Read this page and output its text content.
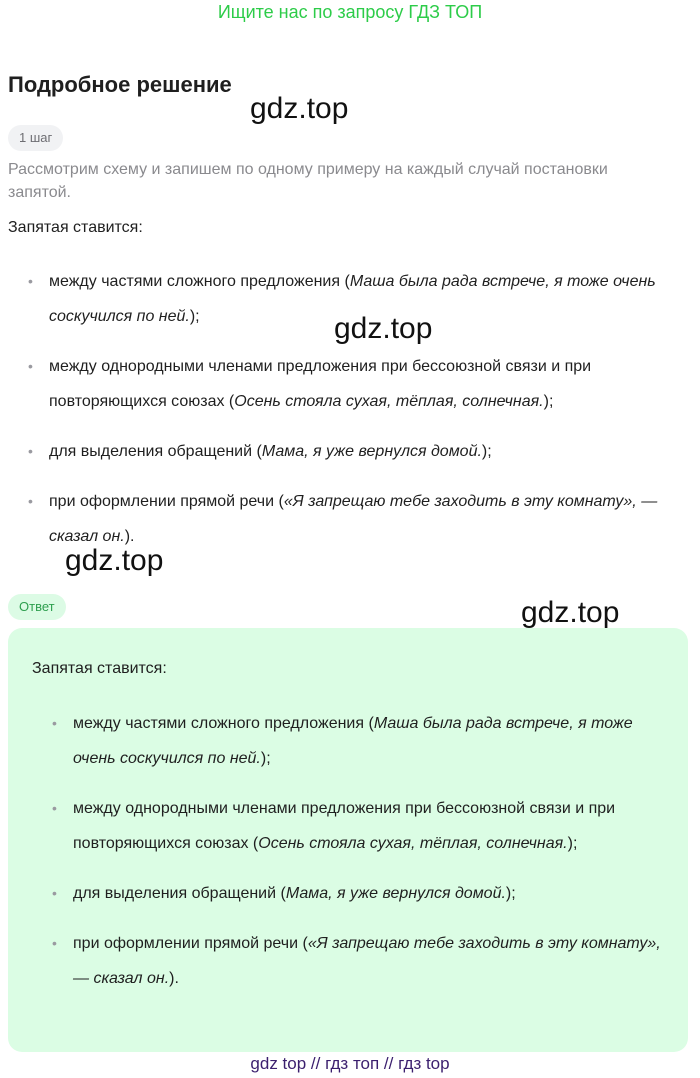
Ищите нас по запросу ГДЗ ТОП
Подробное решение
1 шаг

Рассмотрим схему и запишем по одному примеру на каждый случай постановки запятой.

Запятая ставится:

• между частями сложного предложения (Маша была рада встрече, я тоже очень соскучился по ней.);
• между однородными членами предложения при бессоюзной связи и при повторяющихся союзах (Осень стояла сухая, тёплая, солнечная.);
• для выделения обращений (Мама, я уже вернулся домой.);
• при оформлении прямой речи («Я запрещаю тебе заходить в эту комнату», — сказал он.).
Ответ

Запятая ставится:

• между частями сложного предложения (Маша была рада встрече, я тоже очень соскучился по ней.);
• между однородными членами предложения при бессоюзной связи и при повторяющихся союзах (Осень стояла сухая, тёплая, солнечная.);
• для выделения обращений (Мама, я уже вернулся домой.);
• при оформлении прямой речи («Я запрещаю тебе заходить в эту комнату», — сказал он.).
gdz.top
gdz.top
gdz.top
gdz.top
gdz top // гдз топ // гдз top
